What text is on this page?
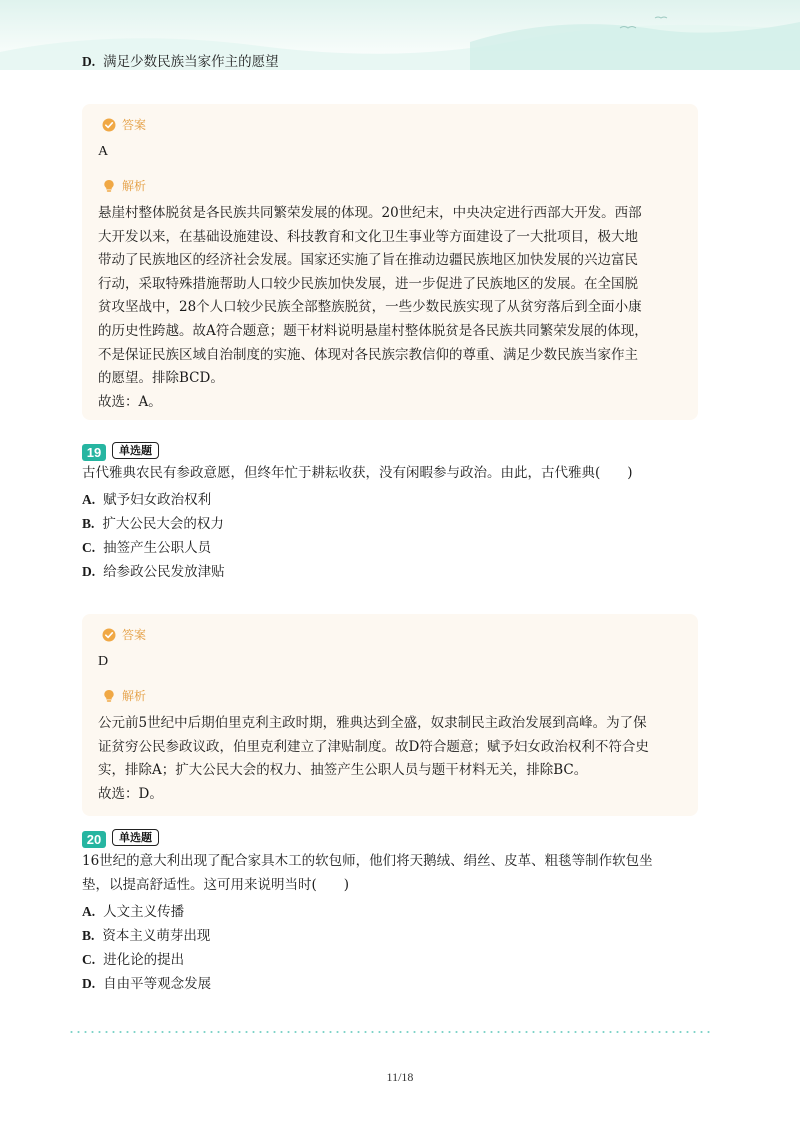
D. 满足少数民族当家作主的愿望
答案
A
解析

悬崖村整体脱贫是各民族共同繁荣发展的体现。20世纪末，中央决定进行西部大开发。西部

大开发以来，在基础设施建设、科技教育和文化卫生事业等方面建设了一大批项目，极大地

带动了民族地区的经济社会发展。国家还实施了旨在推动边疆民族地区加快发展的兴边富民

行动，采取特殊措施帮助人口较少民族加快发展，进一步促进了民族地区的发展。在全国脱

贫攻坚战中，28个人口较少民族全部整族脱贫，一些少数民族实现了从贫穷落后到全面小康

的历史性跨越。故A符合题意；题干材料说明悬崖村整体脱贫是各民族共同繁荣发展的体现，

不是保证民族区域自治制度的实施、体现对各民族宗教信仰的尊重、满足少数民族当家作主

的愿望。排除BCD。

故选：A。

19	单选题
古代雅典农民有参政意愿，但终年忙于耕耘收获，没有闲暇参与政治。由此，古代雅典(　　)
A. 赋予妇女政治权利
B. 扩大公民大会的权力
C. 抽签产生公职人员
D. 给参政公民发放津贴
答案
D
解析

公元前5世纪中后期伯里克利主政时期，雅典达到全盛，奴隶制民主政治发展到高峰。为了保

证贫穷公民参政议政，伯里克利建立了津贴制度。故D符合题意；赋予妇女政治权利不符合史

实，排除A；扩大公民大会的权力、抽签产生公职人员与题干材料无关，排除BC。

故选：D。

20	单选题
16世纪的意大利出现了配合家具木工的软包师，他们将天鹅绒、绢丝、皮革、粗毯等制作软包坐
垫，以提高舒适性。这可用来说明当时(　　)
A. 人文主义传播
B. 资本主义萌芽出现
C. 进化论的提出
D. 自由平等观念发展
11/18
